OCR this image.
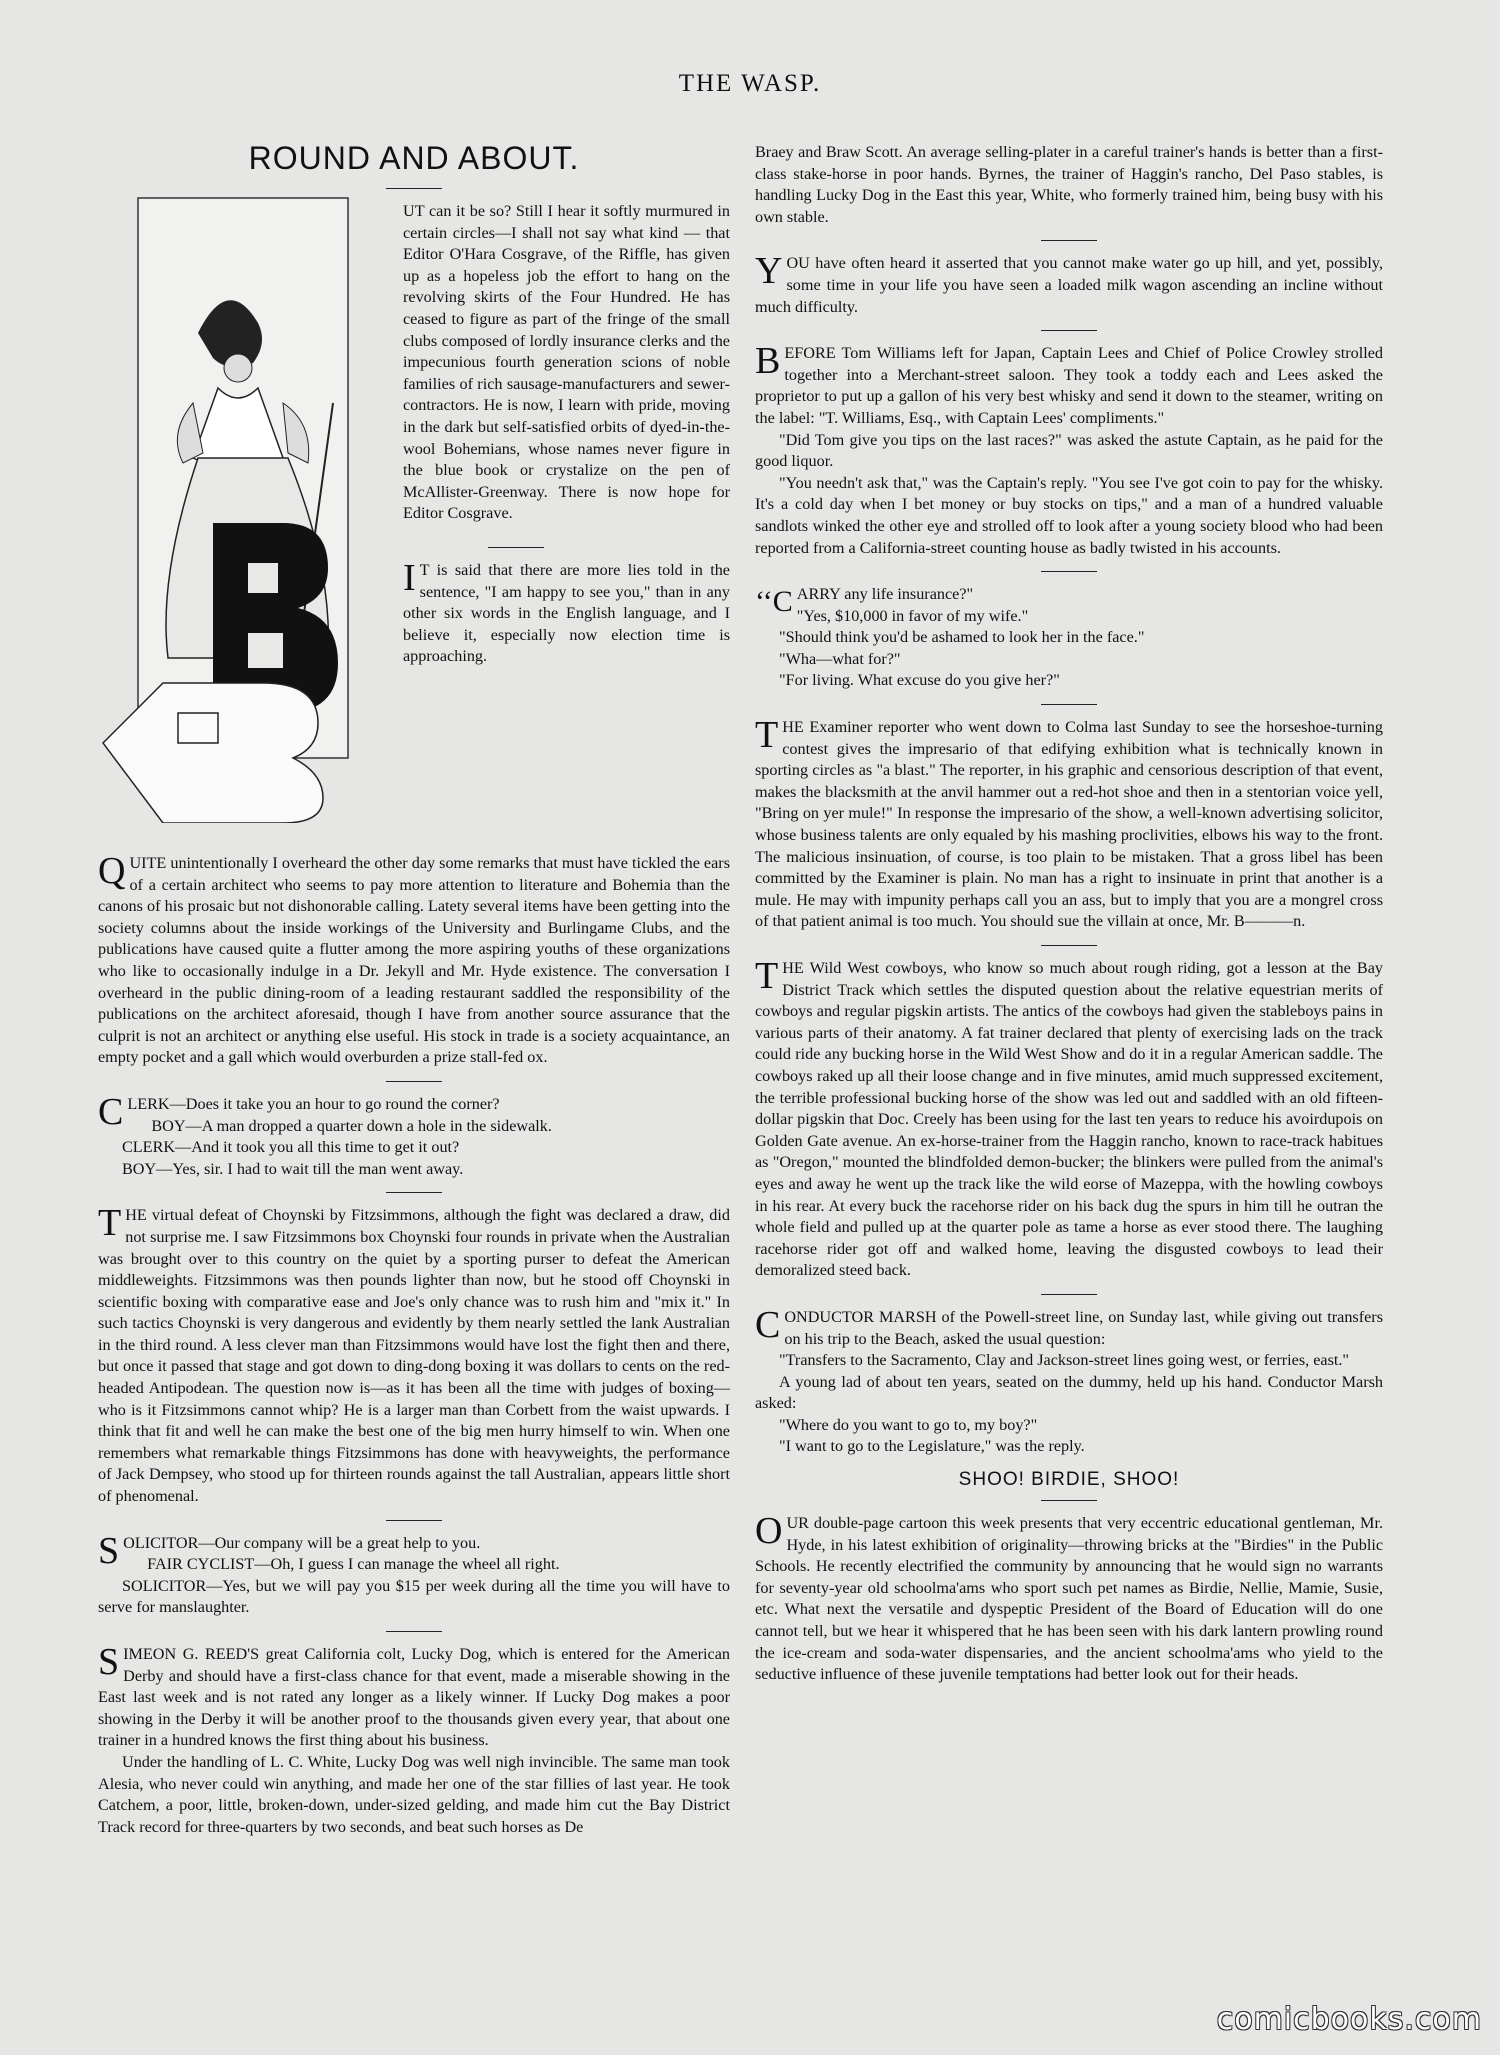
THE WASP.
ROUND AND ABOUT.

UT can it be so? Still I hear it softly murmured in certain circles—I shall not say what kind — that Editor O'Hara Cosgrave, of the Riffle, has given up as a hopeless job the effort to hang on the revolving skirts of the Four Hundred. He has ceased to figure as part of the fringe of the small clubs composed of lordly insurance clerks and the impecunious fourth generation scions of noble families of rich sausage-manufacturers and sewer-contractors. He is now, I learn with pride, moving in the dark but self-satisfied orbits of dyed-in-the-wool Bohemians, whose names never figure in the blue book or crystalize on the pen of McAllister-Greenway. There is now hope for Editor Cosgrave.

I T is said that there are more lies told in the sentence, "I am happy to see you," than in any other six words in the English language, and I believe it, especially now election time is approaching.

QUITE unintentionally I overheard the other day some remarks that must have tickled the ears of a certain architect who seems to pay more attention to literature and Bohemia than the canons of his prosaic but not dishonorable calling. Latety several items have been getting into the society columns about the inside workings of the University and Burlingame Clubs, and the publications have caused quite a flutter among the more aspiring youths of these organizations who like to occasionally indulge in a Dr. Jekyll and Mr. Hyde existence. The conversation I overheard in the public dining-room of a leading restaurant saddled the responsibility of the publications on the architect aforesaid, though I have from another source assurance that the culprit is not an architect or anything else useful. His stock in trade is a society acquaintance, an empty pocket and a gall which would overburden a prize stall-fed ox.

CLERK—Does it take you an hour to go round the corner?

BOY—A man dropped a quarter down a hole in the sidewalk.

CLERK—And it took you all this time to get it out?

BOY—Yes, sir. I had to wait till the man went away.

THE virtual defeat of Choynski by Fitzsimmons, although the fight was declared a draw, did not surprise me. I saw Fitzsimmons box Choynski four rounds in private when the Australian was brought over to this country on the quiet by a sporting purser to defeat the American middleweights. Fitzsimmons was then pounds lighter than now, but he stood off Choynski in scientific boxing with comparative ease and Joe's only chance was to rush him and "mix it." In such tactics Choynski is very dangerous and evidently by them nearly settled the lank Australian in the third round. A less clever man than Fitzsimmons would have lost the fight then and there, but once it passed that stage and got down to ding-dong boxing it was dollars to cents on the red-headed Antipodean. The question now is—as it has been all the time with judges of boxing—who is it Fitzsimmons cannot whip? He is a larger man than Corbett from the waist upwards. I think that fit and well he can make the best one of the big men hurry himself to win. When one remembers what remarkable things Fitzsimmons has done with heavyweights, the performance of Jack Dempsey, who stood up for thirteen rounds against the tall Australian, appears little short of phenomenal.

SOLICITOR—Our company will be a great help to you.

FAIR CYCLIST—Oh, I guess I can manage the wheel all right.

SOLICITOR—Yes, but we will pay you $15 per week during all the time you will have to serve for manslaughter.

SIMEON G. REED'S great California colt, Lucky Dog, which is entered for the American Derby and should have a first-class chance for that event, made a miserable showing in the East last week and is not rated any longer as a likely winner. If Lucky Dog makes a poor showing in the Derby it will be another proof to the thousands given every year, that about one trainer in a hundred knows the first thing about his business.

Under the handling of L. C. White, Lucky Dog was well nigh invincible. The same man took Alesia, who never could win anything, and made her one of the star fillies of last year. He took Catchem, a poor, little, broken-down, under-sized gelding, and made him cut the Bay District Track record for three-quarters by two seconds, and beat such horses as De

Braey and Braw Scott. An average selling-plater in a careful trainer's hands is better than a first-class stake-horse in poor hands. Byrnes, the trainer of Haggin's rancho, Del Paso stables, is handling Lucky Dog in the East this year, White, who formerly trained him, being busy with his own stable.

YOU have often heard it asserted that you cannot make water go up hill, and yet, possibly, some time in your life you have seen a loaded milk wagon ascending an incline without much difficulty.

BEFORE Tom Williams left for Japan, Captain Lees and Chief of Police Crowley strolled together into a Merchant-street saloon. They took a toddy each and Lees asked the proprietor to put up a gallon of his very best whisky and send it down to the steamer, writing on the label: "T. Williams, Esq., with Captain Lees' compliments."

"Did Tom give you tips on the last races?" was asked the astute Captain, as he paid for the good liquor.

"You needn't ask that," was the Captain's reply. "You see I've got coin to pay for the whisky. It's a cold day when I bet money or buy stocks on tips," and a man of a hundred valuable sandlots winked the other eye and strolled off to look after a young society blood who had been reported from a California-street counting house as badly twisted in his accounts.

‘‘C ARRY any life insurance?"

"Yes, $10,000 in favor of my wife."

"Should think you'd be ashamed to look her in the face."

"Wha—what for?"

"For living. What excuse do you give her?"

THE Examiner reporter who went down to Colma last Sunday to see the horseshoe-turning contest gives the impresario of that edifying exhibition what is technically known in sporting circles as "a blast." The reporter, in his graphic and censorious description of that event, makes the blacksmith at the anvil hammer out a red-hot shoe and then in a stentorian voice yell, "Bring on yer mule!" In response the impresario of the show, a well-known advertising solicitor, whose business talents are only equaled by his mashing proclivities, elbows his way to the front. The malicious insinuation, of course, is too plain to be mistaken. That a gross libel has been committed by the Examiner is plain. No man has a right to insinuate in print that another is a mule. He may with impunity perhaps call you an ass, but to imply that you are a mongrel cross of that patient animal is too much. You should sue the villain at once, Mr. B———n.

THE Wild West cowboys, who know so much about rough riding, got a lesson at the Bay District Track which settles the disputed question about the relative equestrian merits of cowboys and regular pigskin artists. The antics of the cowboys had given the stableboys pains in various parts of their anatomy. A fat trainer declared that plenty of exercising lads on the track could ride any bucking horse in the Wild West Show and do it in a regular American saddle. The cowboys raked up all their loose change and in five minutes, amid much suppressed excitement, the terrible professional bucking horse of the show was led out and saddled with an old fifteen-dollar pigskin that Doc. Creely has been using for the last ten years to reduce his avoirdupois on Golden Gate avenue. An ex-horse-trainer from the Haggin rancho, known to race-track habitues as "Oregon," mounted the blindfolded demon-bucker; the blinkers were pulled from the animal's eyes and away he went up the track like the wild eorse of Mazeppa, with the howling cowboys in his rear. At every buck the racehorse rider on his back dug the spurs in him till he outran the whole field and pulled up at the quarter pole as tame a horse as ever stood there. The laughing racehorse rider got off and walked home, leaving the disgusted cowboys to lead their demoralized steed back.

CONDUCTOR MARSH of the Powell-street line, on Sunday last, while giving out transfers on his trip to the Beach, asked the usual question:

"Transfers to the Sacramento, Clay and Jackson-street lines going west, or ferries, east."

A young lad of about ten years, seated on the dummy, held up his hand. Conductor Marsh asked:

"Where do you want to go to, my boy?"

"I want to go to the Legislature," was the reply.

SHOO! BIRDIE, SHOO!

OUR double-page cartoon this week presents that very eccentric educational gentleman, Mr. Hyde, in his latest exhibition of originality—throwing bricks at the "Birdies" in the Public Schools. He recently electrified the community by announcing that he would sign no warrants for seventy-year old schoolma'ams who sport such pet names as Birdie, Nellie, Mamie, Susie, etc. What next the versatile and dyspeptic President of the Board of Education will do one cannot tell, but we hear it whispered that he has been seen with his dark lantern prowling round the ice-cream and soda-water dispensaries, and the ancient schoolma'ams who yield to the seductive influence of these juvenile temptations had better look out for their heads.

comicbooks.com
